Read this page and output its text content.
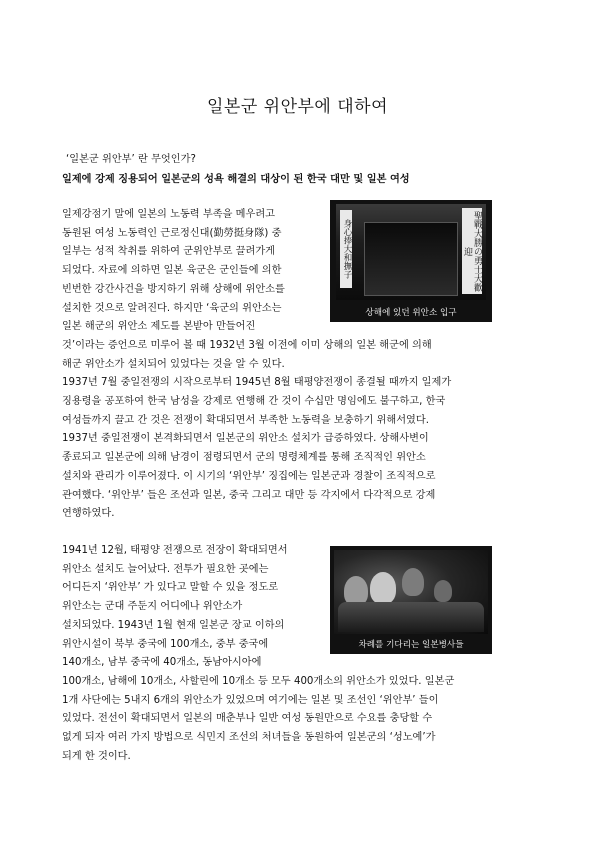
일본군 위안부에 대하여
‘일본군 위안부’ 란 무엇인가?
일제에 강제 징용되어 일본군의 성욕 해결의 대상이 된 한국 대만 및 일본 여성
身心捧大和撫子	聖戰大勝の勇士大歡迎
상해에 있던 위안소 입구
일제강점기 말에 일본의 노동력 부족을 메우려고
동원된 여성 노동력인 근로정신대(勤勞挺身隊) 중
일부는 성적 착취를 위하여 군위안부로 끌려가게
되었다. 자료에 의하면 일본 육군은 군인들에 의한
빈번한 강간사건을 방지하기 위해 상해에 위안소를
설치한 것으로 알려진다. 하지만 ‘육군의 위안소는
일본 해군의 위안소 제도를 본받아 만들어진
것’이라는 증언으로 미루어 볼 때 1932년 3월 이전에 이미 상해의 일본 해군에 의해
해군 위안소가 설치되어 있었다는 것을 알 수 있다.
1937년 7월 중일전쟁의 시작으로부터 1945년 8월 태평양전쟁이 종결될 때까지 일제가
징용령을 공포하여 한국 남성을 강제로 연행해 간 것이 수십만 명임에도 불구하고, 한국
여성들까지 끌고 간 것은 전쟁이 확대되면서 부족한 노동력을 보충하기 위해서였다.
1937년 중일전쟁이 본격화되면서 일본군의 위안소 설치가 급증하였다. 상해사변이
종료되고 일본군에 의해 남경이 점령되면서 군의 명령체계를 통해 조직적인 위안소
설치와 관리가 이루어졌다. 이 시기의 ‘위안부’ 징집에는 일본군과 경찰이 조직적으로
관여했다. ‘위안부’ 들은 조선과 일본, 중국 그리고 대만 등 각지에서 다각적으로 강제
연행하였다.
차례를 기다리는 일본병사들
1941년 12월, 태평양 전쟁으로 전장이 확대되면서
위안소 설치도 늘어났다. 전투가 필요한 곳에는
어디든지 ‘위안부’ 가 있다고 말할 수 있을 정도로
위안소는 군대 주둔지 어디에나 위안소가
설치되었다. 1943년 1월 현재 일본군 장교 이하의
위안시설이 북부 중국에 100개소, 중부 중국에
140개소, 남부 중국에 40개소, 동남아시아에
100개소, 남해에 10개소, 사할린에 10개소 등 모두 400개소의 위안소가 있었다. 일본군
1개 사단에는 5내지 6개의 위안소가 있었으며 여기에는 일본 및 조선인 ‘위안부’ 들이
있었다. 전선이 확대되면서 일본의 매춘부나 일반 여성 동원만으로 수요를 충당할 수
없게 되자 여러 가지 방법으로 식민지 조선의 처녀들을 동원하여 일본군의 ‘성노예’가
되게 한 것이다.
